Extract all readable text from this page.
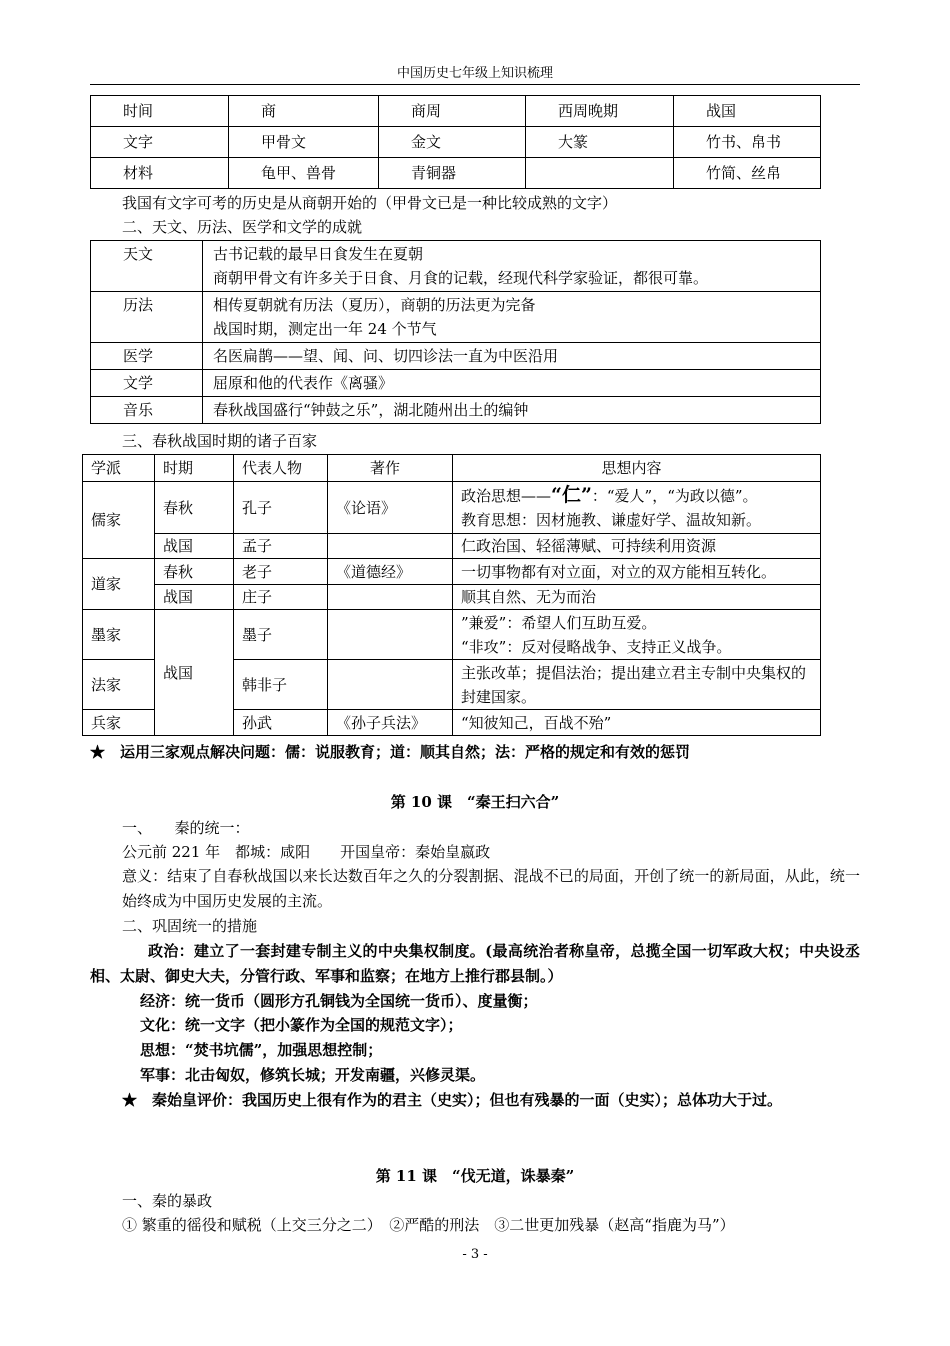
中国历史七年级上知识梳理
时间	商	商周	西周晚期	战国
文字	甲骨文	金文	大篆	竹书、帛书
材料	龟甲、兽骨	青铜器		竹简、丝帛
我国有文字可考的历史是从商朝开始的（甲骨文已是一种比较成熟的文字）
二、天文、历法、医学和文学的成就
天文	古书记载的最早日食发生在夏朝
商朝甲骨文有许多关于日食、月食的记载，经现代科学家验证，都很可靠。

历法	相传夏朝就有历法（夏历），商朝的历法更为完备
战国时期，测定出一年 24 个节气

医学	名医扁鹊——望、闻、问、切四诊法一直为中医沿用

文学	屈原和他的代表作《离骚》

音乐	春秋战国盛行“钟鼓之乐”，湖北随州出土的编钟
三、春秋战国时期的诸子百家
学派	时期	代表人物	著作	思想内容
儒家	春秋	孔子	《论语》	政治思想——“仁”：“爱人”，“为政以德”。
教育思想：因材施教、谦虚好学、温故知新。

	战国	孟子		仁政治国、轻徭薄赋、可持续利用资源
道家	春秋	老子	《道德经》	一切事物都有对立面，对立的双方能相互转化。
	战国	庄子		顺其自然、无为而治
墨家	战国	墨子		”兼爱”：希望人们互助互爱。
“非攻”：反对侵略战争、支持正义战争。

法家		韩非子		主张改革；提倡法治；提出建立君主专制中央集权的封建国家。
兵家		孙武	《孙子兵法》	“知彼知己，百战不殆”
★　运用三家观点解决问题：儒：说服教育；道：顺其自然；法：严格的规定和有效的惩罚
第 10 课　“秦王扫六合”
一、　　秦的统一：
公元前 221 年　都城：咸阳　　开国皇帝：秦始皇嬴政
意义：结束了自春秋战国以来长达数百年之久的分裂割据、混战不已的局面，开创了统一的新局面，从此，统一始终成为中国历史发展的主流。
二、巩固统一的措施
政治：建立了一套封建专制主义的中央集权制度。(最高统治者称皇帝，总揽全国一切军政大权；中央设丞相、太尉、御史大夫，分管行政、军事和监察；在地方上推行郡县制。）
经济：统一货币（圆形方孔铜钱为全国统一货币）、度量衡；
文化：统一文字（把小篆作为全国的规范文字）；
思想：“焚书坑儒”，加强思想控制；
军事：北击匈奴，修筑长城；开发南疆，兴修灵渠。
★　秦始皇评价：我国历史上很有作为的君主（史实）；但也有残暴的一面（史实）；总体功大于过。
第 11 课　“伐无道，诛暴秦”
一、秦的暴政
① 繁重的徭役和赋税（上交三分之二）　②严酷的刑法　③二世更加残暴（赵高“指鹿为马”）
- 3 -
